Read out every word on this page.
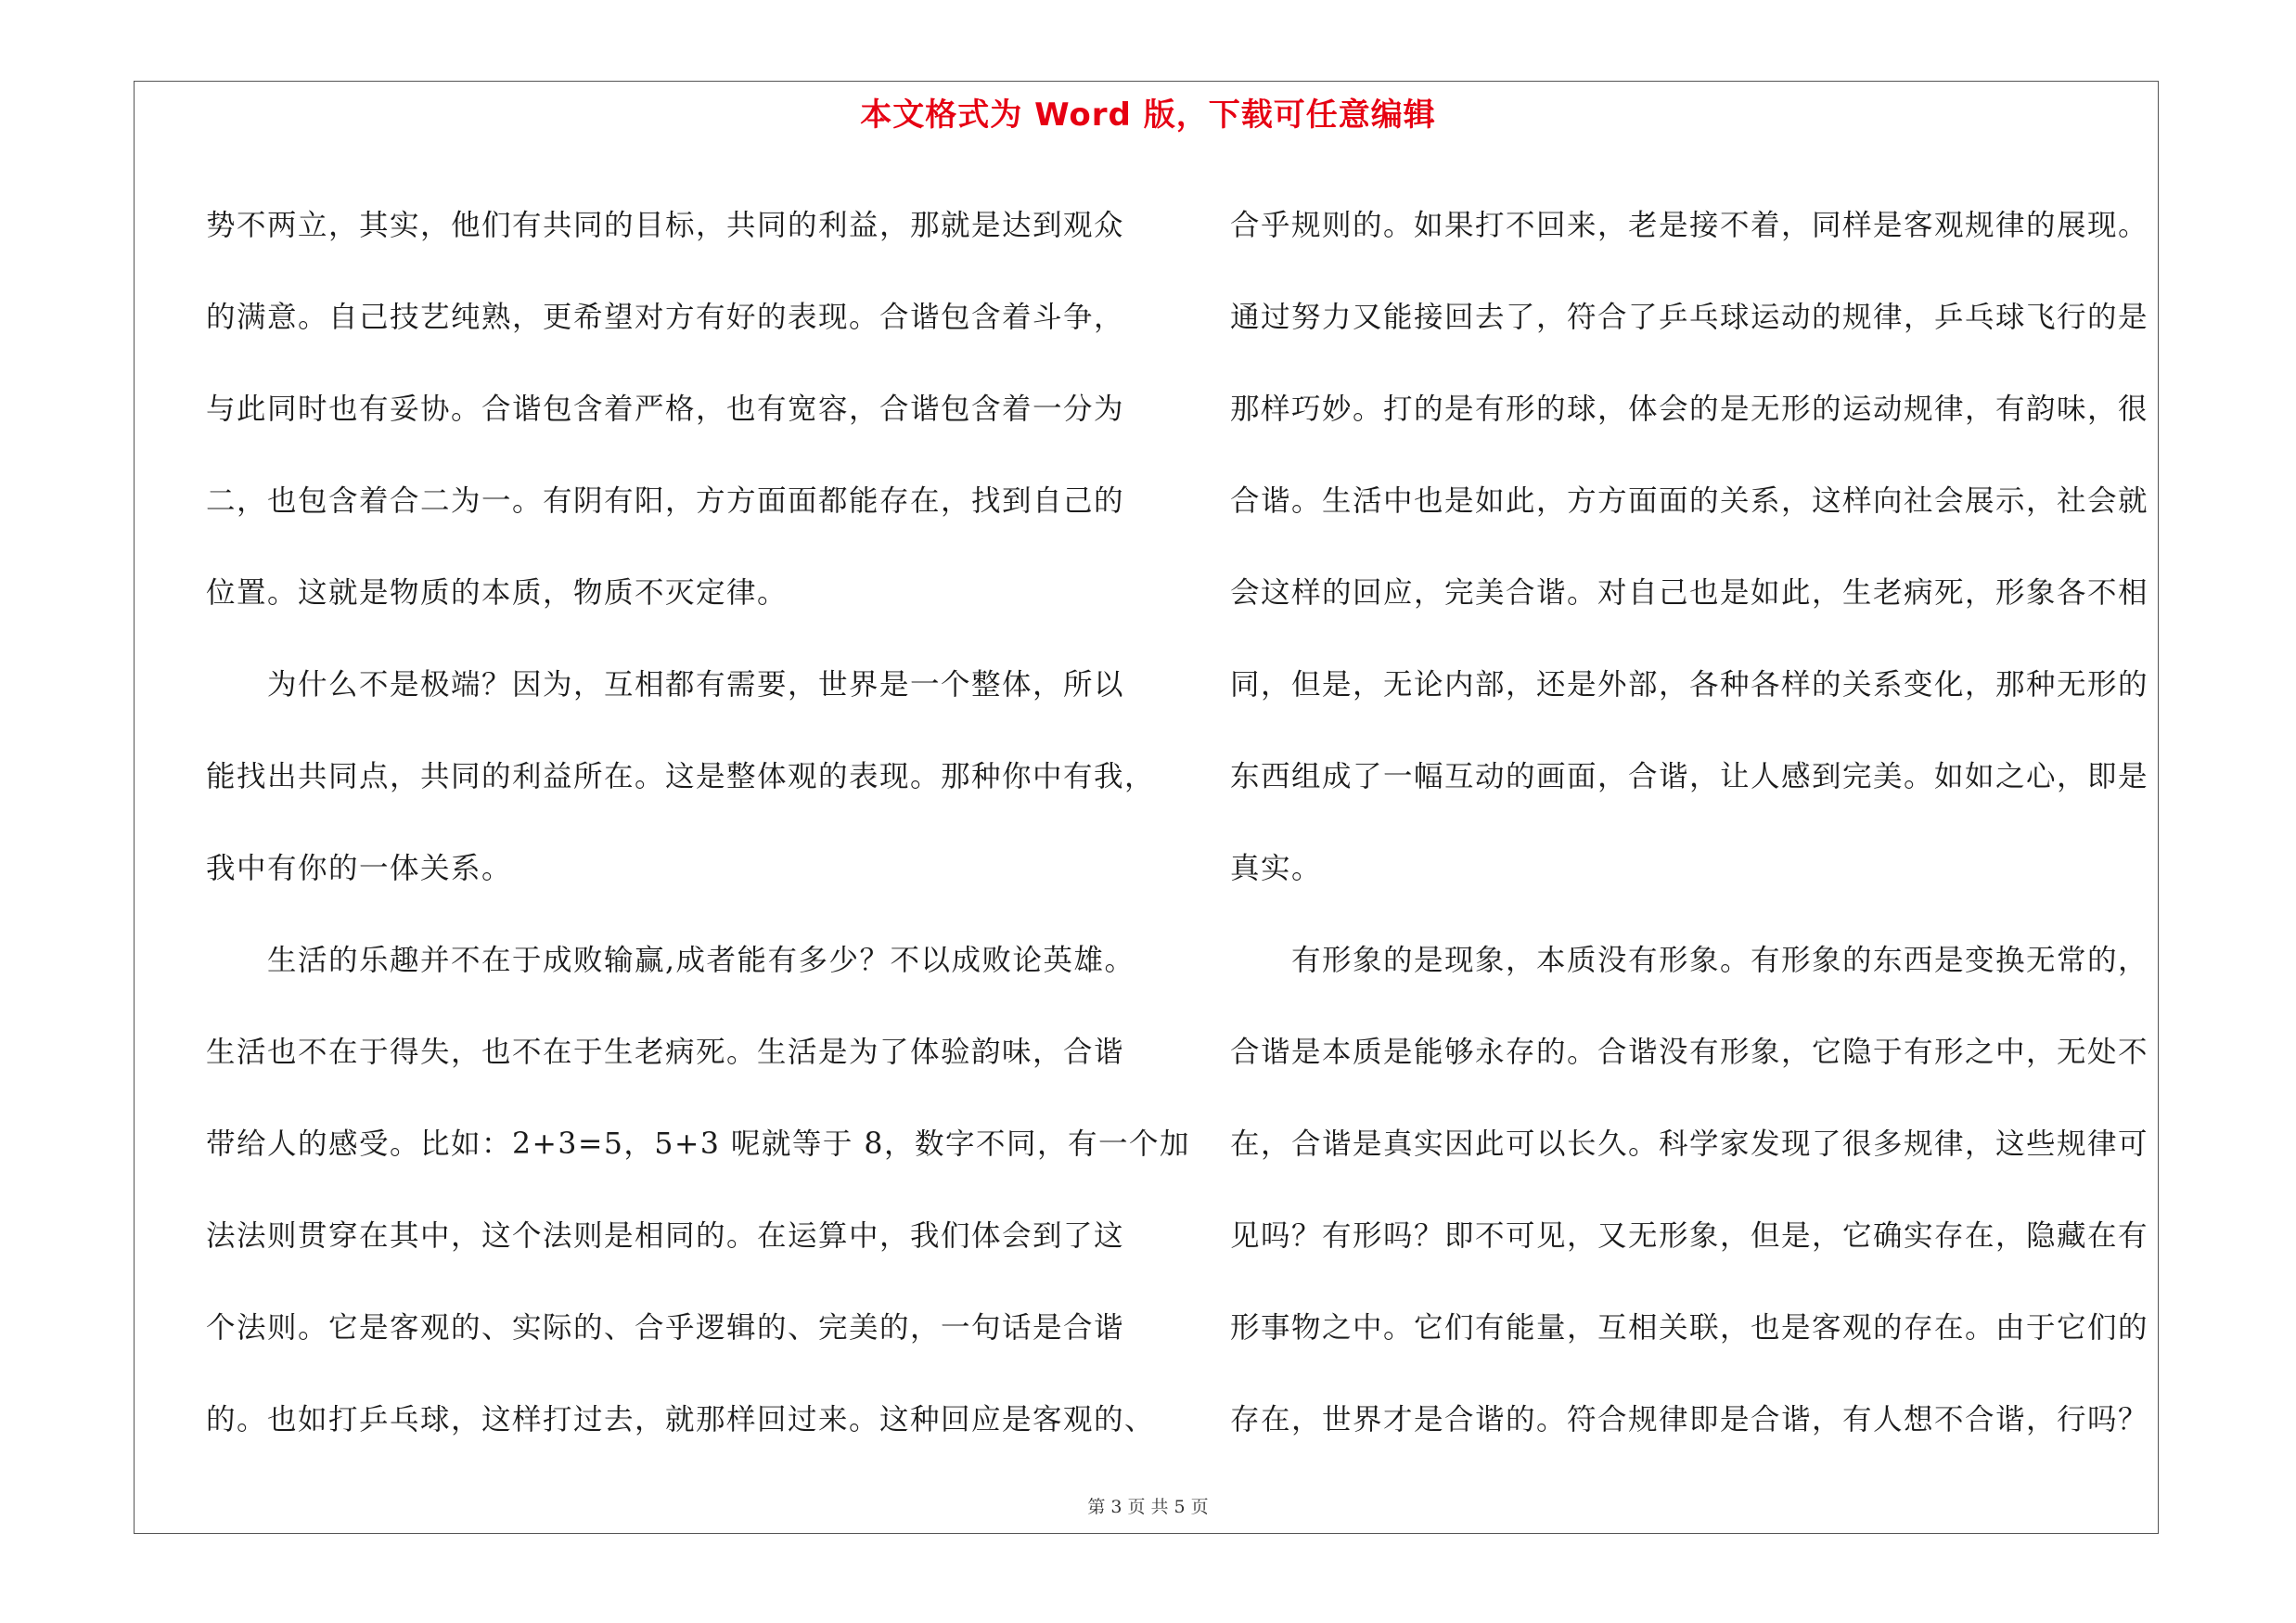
本文格式为 Word 版，下载可任意编辑
势不两立，其实，他们有共同的目标，共同的利益，那就是达到观众
的满意。自己技艺纯熟，更希望对方有好的表现。合谐包含着斗争，
与此同时也有妥协。合谐包含着严格，也有宽容，合谐包含着一分为
二，也包含着合二为一。有阴有阳，方方面面都能存在，找到自己的
位置。这就是物质的本质，物质不灭定律。
为什么不是极端？因为，互相都有需要，世界是一个整体，所以
能找出共同点，共同的利益所在。这是整体观的表现。那种你中有我，
我中有你的一体关系。
生活的乐趣并不在于成败输赢,成者能有多少？不以成败论英雄。
生活也不在于得失，也不在于生老病死。生活是为了体验韵味，合谐
带给人的感受。比如：2+3=5，5+3 呢就等于 8，数字不同，有一个加
法法则贯穿在其中，这个法则是相同的。在运算中，我们体会到了这
个法则。它是客观的、实际的、合乎逻辑的、完美的，一句话是合谐
的。也如打乒乓球，这样打过去，就那样回过来。这种回应是客观的、
合乎规则的。如果打不回来，老是接不着，同样是客观规律的展现。
通过努力又能接回去了，符合了乒乓球运动的规律，乒乓球飞行的是
那样巧妙。打的是有形的球，体会的是无形的运动规律，有韵味，很
合谐。生活中也是如此，方方面面的关系，这样向社会展示，社会就
会这样的回应，完美合谐。对自己也是如此，生老病死，形象各不相
同，但是，无论内部，还是外部，各种各样的关系变化，那种无形的
东西组成了一幅互动的画面，合谐，让人感到完美。如如之心，即是
真实。
有形象的是现象，本质没有形象。有形象的东西是变换无常的，
合谐是本质是能够永存的。合谐没有形象，它隐于有形之中，无处不
在，合谐是真实因此可以长久。科学家发现了很多规律，这些规律可
见吗？有形吗？即不可见，又无形象，但是，它确实存在，隐藏在有
形事物之中。它们有能量，互相关联，也是客观的存在。由于它们的
存在，世界才是合谐的。符合规律即是合谐，有人想不合谐，行吗？
第 3 页 共 5 页
